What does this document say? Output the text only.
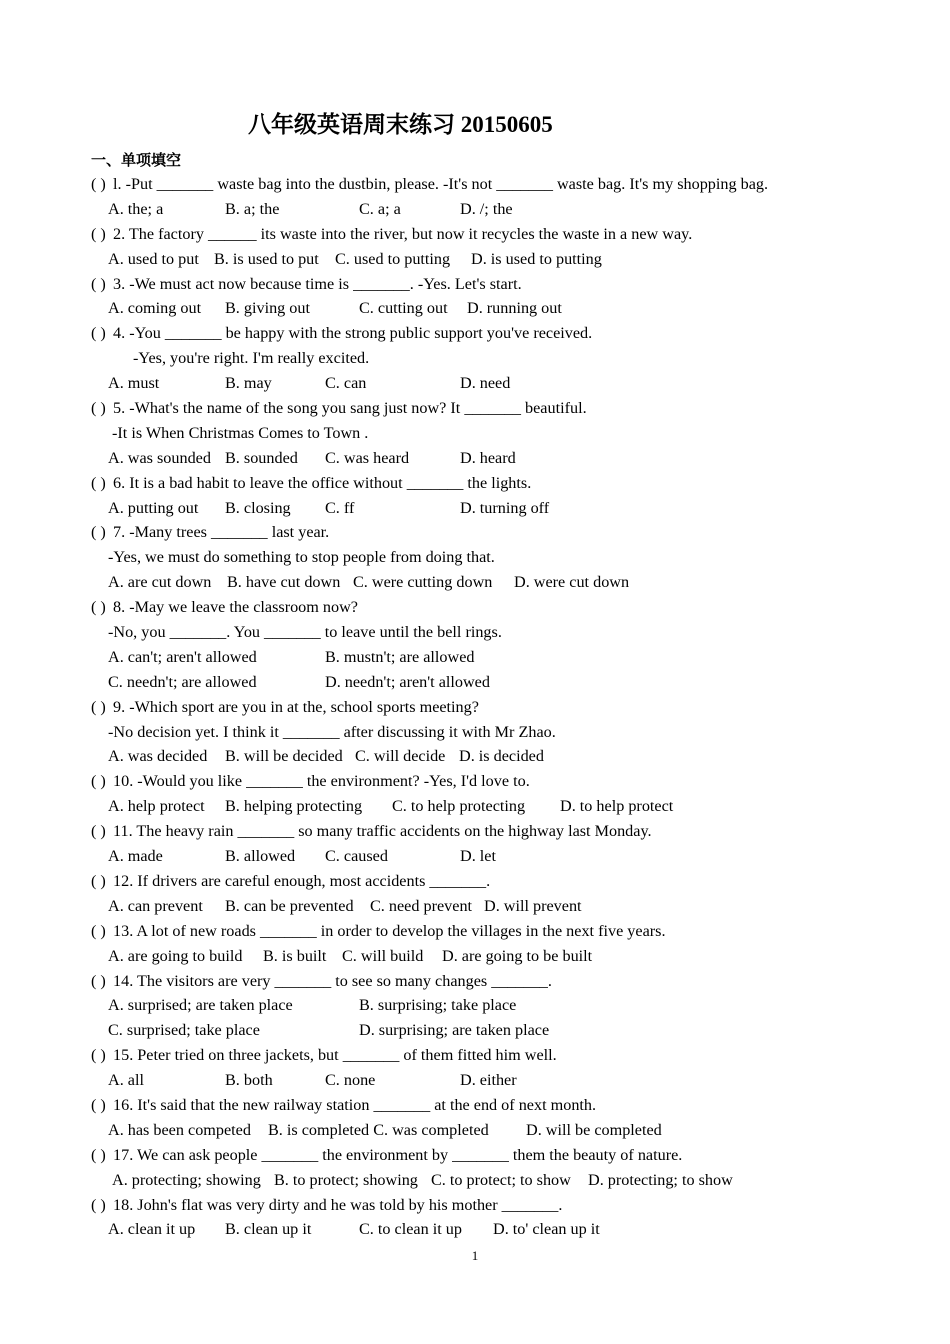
八年级英语周末练习 20150605
一、单项填空
( ) l. -Put _______ waste bag into the dustbin, please. -It's not _______ waste bag. It's my shopping bag.
A. the; a	B. a; the	C. a; a	D. /; the
( ) 2. The factory ______ its waste into the river, but now it recycles the waste in a new way.
A. used to put B. is used to put C. used to putting D. is used to putting
( ) 3. -We must act now because time is _______. -Yes. Let's start.
A. coming out B. giving out	C. cutting out D. running out
( ) 4. -You _______ be happy with the strong public support you've received.
-Yes, you're right. I'm really excited.
A. must	B. may	C. can	D. need
( ) 5. -What's the name of the song you sang just now? It _______ beautiful.
-It is When Christmas Comes to Town .
A. was sounded B. sounded C. was heard	D. heard
( ) 6. It is a bad habit to leave the office without _______ the lights.
A. putting out B. closing C. ff	D. turning off
( ) 7. -Many trees _______ last year.
-Yes, we must do something to stop people from doing that.
A. are cut down B. have cut down C. were cutting down D. were cut down
( ) 8. -May we leave the classroom now?
-No, you _______. You _______ to leave until the bell rings.
A. can't; aren't allowed	B. mustn't; are allowed
C. needn't; are allowed	D. needn't; aren't allowed
( ) 9. -Which sport are you in at the, school sports meeting?
-No decision yet. I think it _______ after discussing it with Mr Zhao.
A. was decided B. will be decided C. will decide D. is decided
( ) 10. -Would you like _______ the environment? -Yes, I'd love to.
A. help protect B. helping protecting C. to help protecting D. to help protect
( ) 11. The heavy rain _______ so many traffic accidents on the highway last Monday.
A. made	B. allowed C. caused	D. let
( ) 12. If drivers are careful enough, most accidents _______.
A. can prevent B. can be prevented C. need prevent D. will prevent
( ) 13. A lot of new roads _______ in order to develop the villages in the next five years.
A. are going to build B. is built C. will build D. are going to be built
( ) 14. The visitors are very _______ to see so many changes _______.
A. surprised; are taken place	B. surprising; take place
C. surprised; take place	D. surprising; are taken place
( ) 15. Peter tried on three jackets, but _______ of them fitted him well.
A. all	B. both	C. none	D. either
( ) 16. It's said that the new railway station _______ at the end of next month.
A. has been competed B. is completed C. was completed D. will be completed
( ) 17. We can ask people _______ the environment by _______ them the beauty of nature.
A. protecting; showing B. to protect; showing C. to protect; to show D. protecting; to show
( ) 18. John's flat was very dirty and he was told by his mother _______.
A. clean it up B. clean up it	C. to clean it up D. to' clean up it
1
